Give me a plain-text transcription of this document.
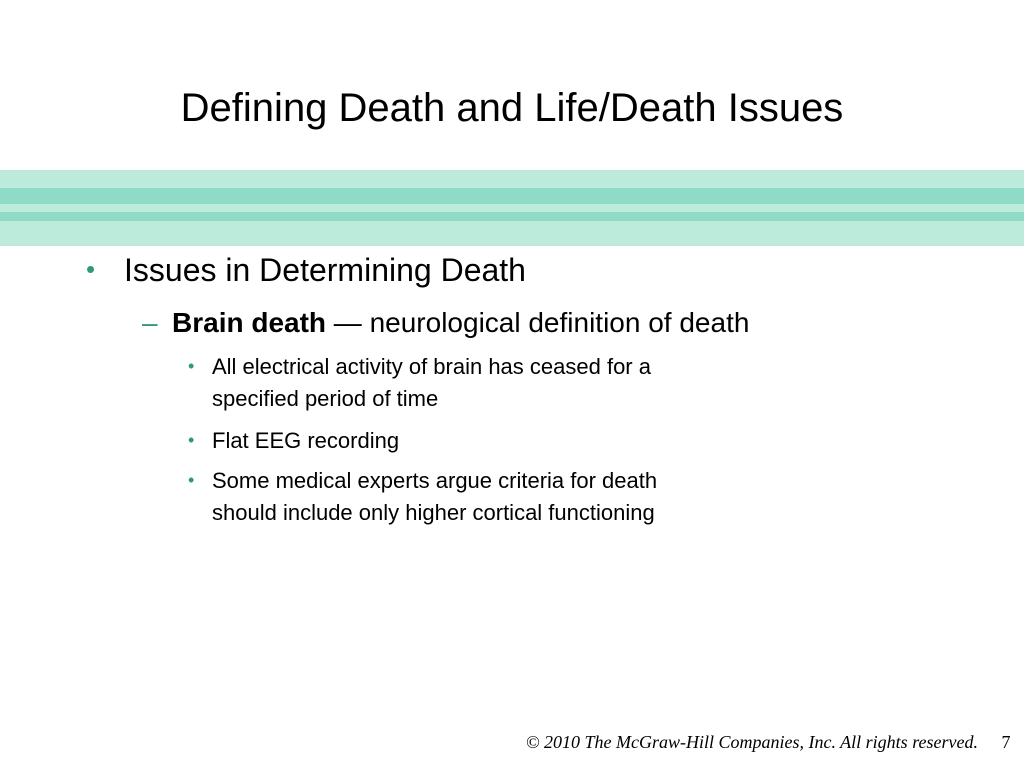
Defining Death and Life/Death Issues
• Issues in Determining Death
– Brain death — neurological definition of death
• All electrical activity of brain has ceased for a
specified period of time
• Flat EEG recording
• Some medical experts argue criteria for death
should include only higher cortical functioning
© 2010 The McGraw-Hill Companies, Inc. All rights reserved.	7
